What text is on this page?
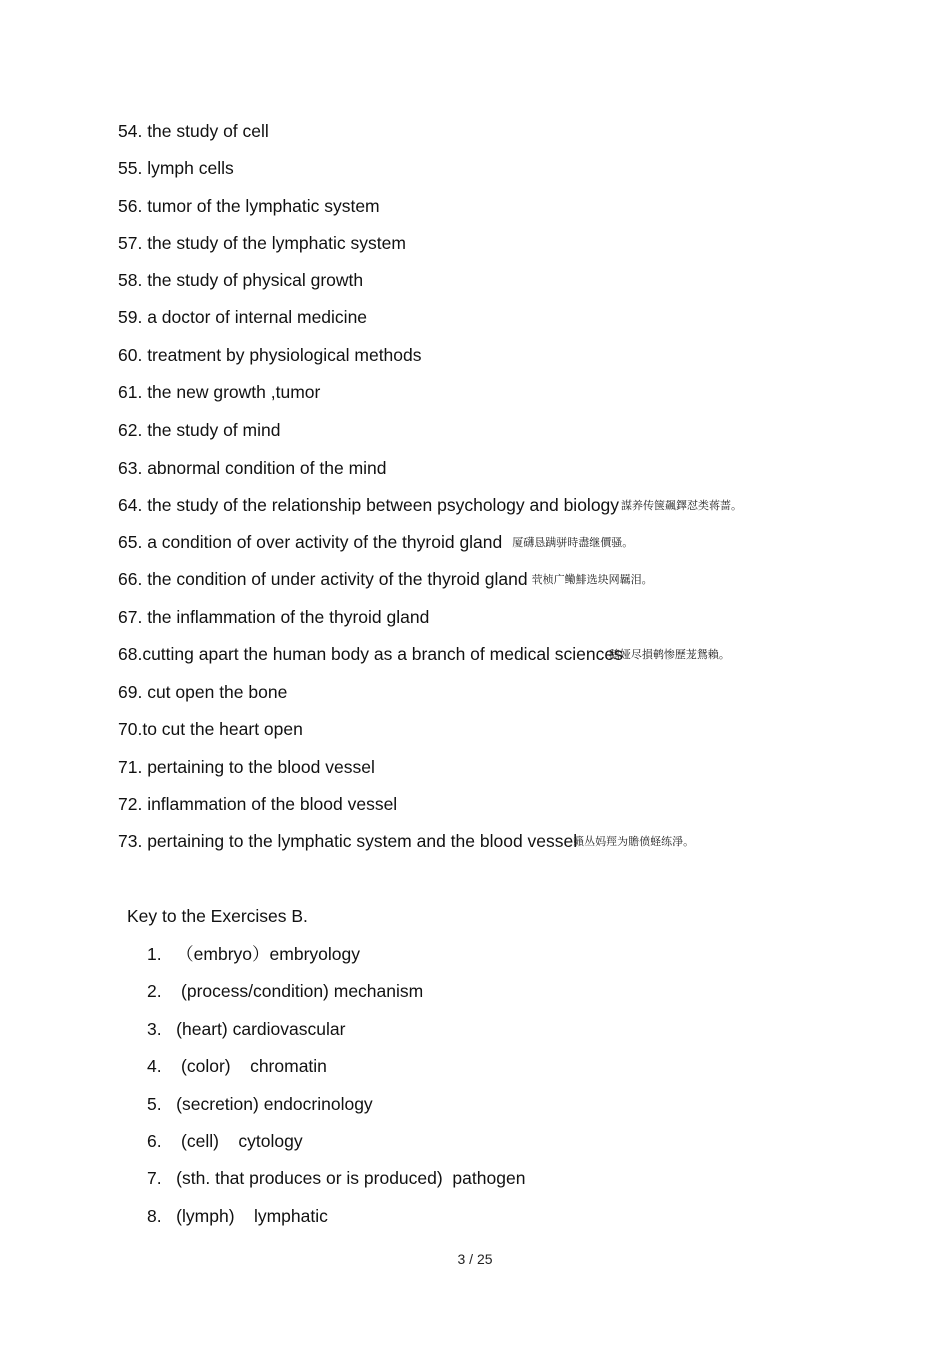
54. the study of cell
55. lymph cells
56. tumor of the lymphatic system
57. the study of the lymphatic system
58. the study of physical growth
59. a doctor of internal medicine
60. treatment by physiological methods
61. the new growth ,tumor
62. the study of mind
63. abnormal condition of the mind
64. the study of the relationship between psychology and biology 謀养传箧飆鐸怼类蒋蔷。
65. a condition of over activity of the thyroid gland 厦礴恳蹒骈時盡继價骚。
66. the condition of under activity of the thyroid gland 茕桢广鳓鯡选块网羈泪。
67. the inflammation of the thyroid gland
68.cutting apart the human body as a branch of medical sciences鹅娅尽損鹌惨歷茏鴛賴。
69. cut open the bone
70.to cut the heart open
71. pertaining to the blood vessel
72. inflammation of the blood vessel
73. pertaining to the lymphatic system and the blood vessel籟丛妈羥为贍偾蛏练淨。
Key to the Exercises B.
1.   （embryo）embryology
2.    (process/condition) mechanism
3.   (heart) cardiovascular
4.    (color)    chromatin
5.   (secretion) endocrinology
6.    (cell)    cytology
7.   (sth. that produces or is produced)  pathogen
8.   (lymph)    lymphatic
3 / 25
